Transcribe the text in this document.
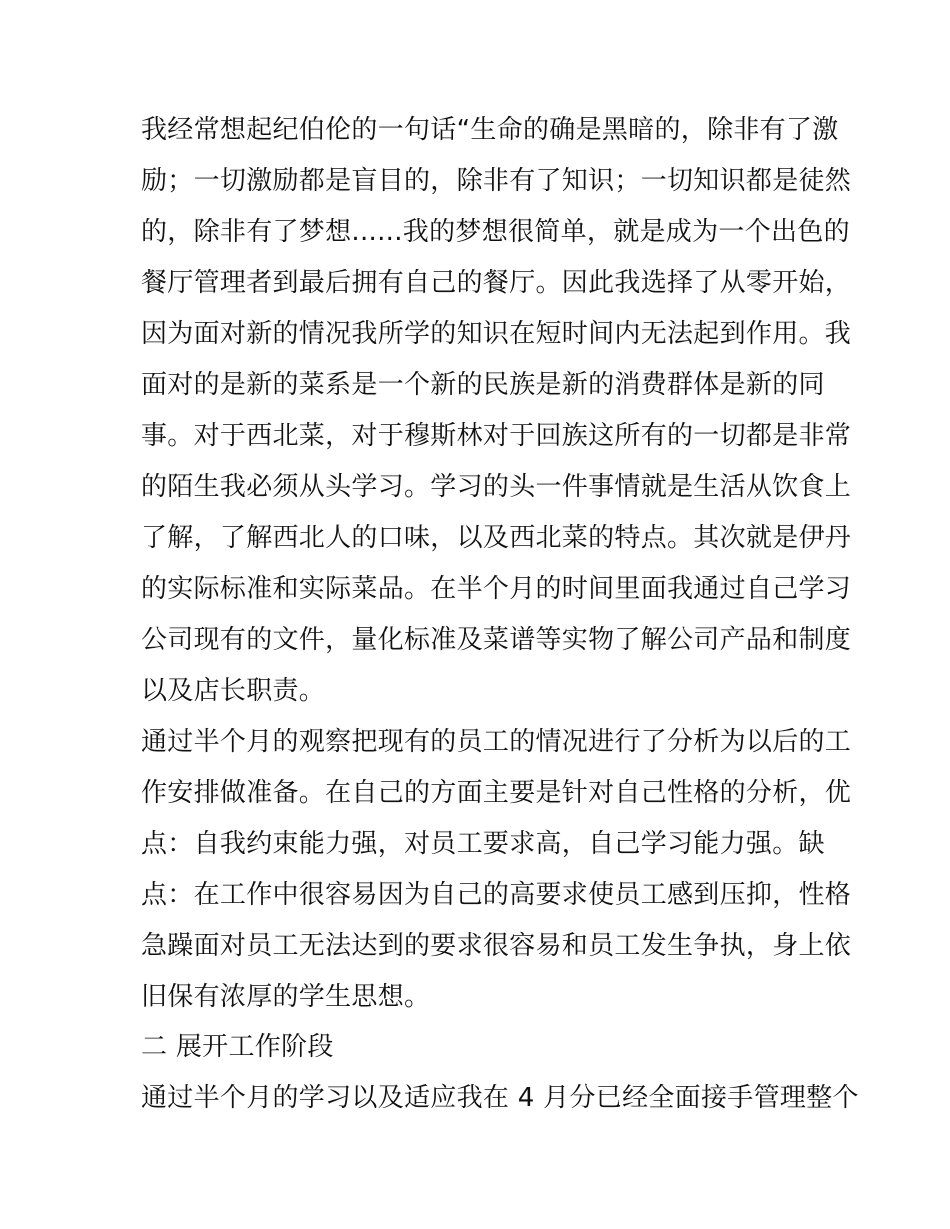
我经常想起纪伯伦的一句话“生命的确是黑暗的，除非有了激
励；一切激励都是盲目的，除非有了知识；一切知识都是徒然
的，除非有了梦想......我的梦想很简单，就是成为一个出色的
餐厅管理者到最后拥有自己的餐厅。因此我选择了从零开始，
因为面对新的情况我所学的知识在短时间内无法起到作用。我
面对的是新的菜系是一个新的民族是新的消费群体是新的同
事。对于西北菜，对于穆斯林对于回族这所有的一切都是非常
的陌生我必须从头学习。学习的头一件事情就是生活从饮食上
了解，了解西北人的口味，以及西北菜的特点。其次就是伊丹
的实际标准和实际菜品。在半个月的时间里面我通过自己学习
公司现有的文件，量化标准及菜谱等实物了解公司产品和制度
以及店长职责。
通过半个月的观察把现有的员工的情况进行了分析为以后的工
作安排做准备。在自己的方面主要是针对自己性格的分析，优
点：自我约束能力强，对员工要求高，自己学习能力强。缺
点：在工作中很容易因为自己的高要求使员工感到压抑，性格
急躁面对员工无法达到的要求很容易和员工发生争执，身上依
旧保有浓厚的学生思想。
二 展开工作阶段
通过半个月的学习以及适应我在 4 月分已经全面接手管理整个
